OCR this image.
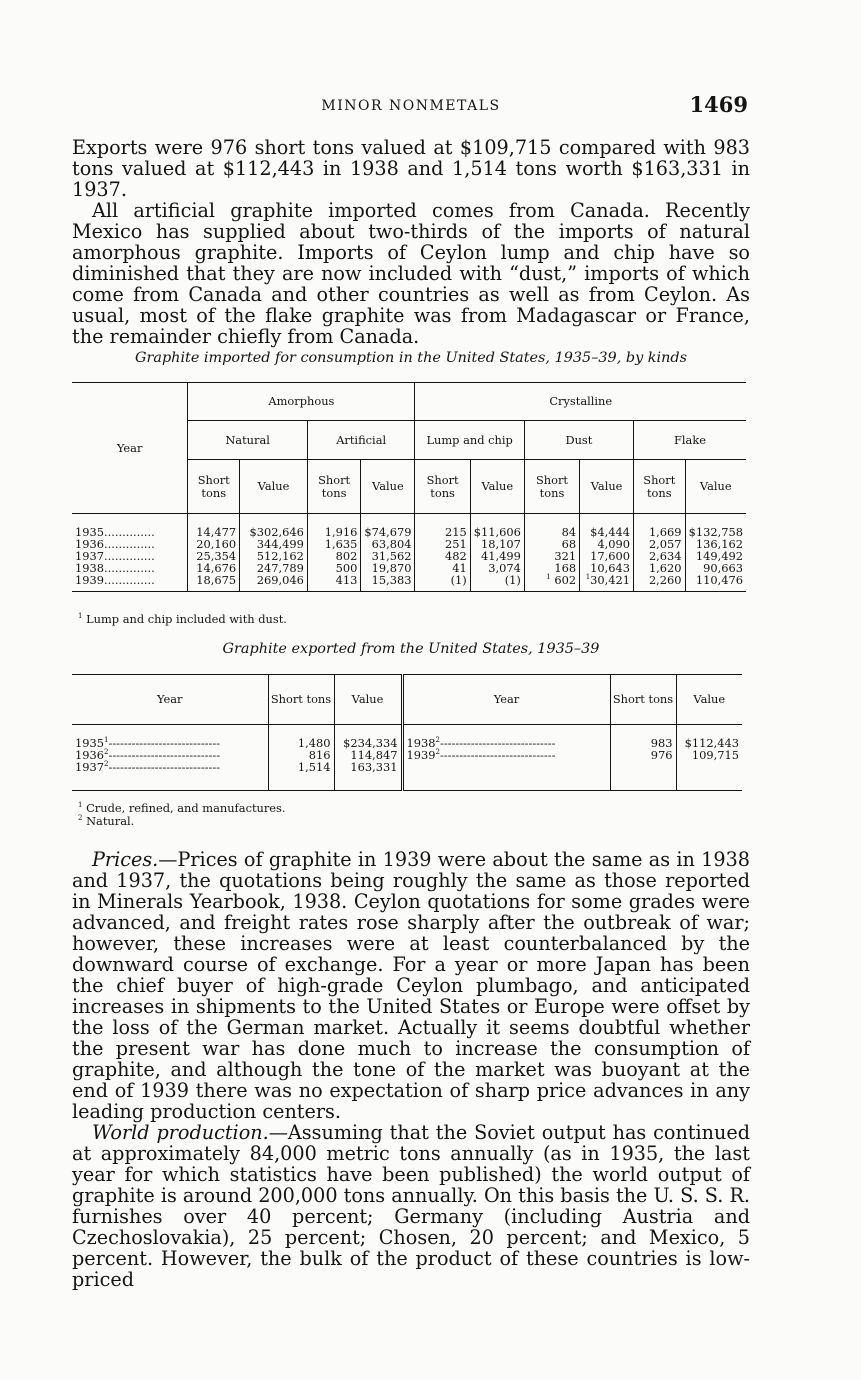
MINOR NONMETALS	1469

Exports were 976 short tons valued at $109,715 compared with 983 tons valued at $112,443 in 1938 and 1,514 tons worth $163,331 in 1937.

All artificial graphite imported comes from Canada. Recently Mexico has supplied about two-thirds of the imports of natural amorphous graphite. Imports of Ceylon lump and chip have so diminished that they are now included with “dust,” imports of which come from Canada and other countries as well as from Ceylon. As usual, most of the flake graphite was from Madagascar or France, the remainder chiefly from Canada.

Graphite imported for consumption in the United States, 1935–39, by kinds
Year	Amorphous				Crystalline					
	Natural		Artificial		Lump and chip		Dust		Flake	
	Short tons	Value	Short tons	Value	Short tons	Value	Short tons	Value	Short tons	Value

1935..............	14,477	$302,646	1,916	$74,679	215	$11,606	84	$4,444	1,669	$132,758
1936..............	20,160	344,499	1,635	63,804	251	18,107	68	4,090	2,057	136,162
1937..............	25,354	512,162	802	31,562	482	41,499	321	17,600	2,634	149,492
1938..............	14,676	247,789	500	19,870	41	3,074	168	10,643	1,620	90,663
1939..............	18,675	269,046	413	15,383	(1)	(1)	$^1$ 602	$^1$30,421	2,260	110,476

$^1$ Lump and chip included with dust.
Graphite exported from the United States, 1935–39
Year	Short tons	Value	Year	Short tons	Value

1935$^1$-----------------------------	1,480	$234,334	1938$^2$------------------------------	983	$112,443
1936$^2$-----------------------------	816	114,847	1939$^2$------------------------------	976	109,715
1937$^2$-----------------------------	1,514	163,331			

$^1$ Crude, refined, and manufactures.
$^2$ Natural.

Prices.—Prices of graphite in 1939 were about the same as in 1938 and 1937, the quotations being roughly the same as those reported in Minerals Yearbook, 1938. Ceylon quotations for some grades were advanced, and freight rates rose sharply after the outbreak of war; however, these increases were at least counterbalanced by the downward course of exchange. For a year or more Japan has been the chief buyer of high-grade Ceylon plumbago, and anticipated increases in shipments to the United States or Europe were offset by the loss of the German market. Actually it seems doubtful whether the present war has done much to increase the consumption of graphite, and although the tone of the market was buoyant at the end of 1939 there was no expectation of sharp price advances in any leading production centers.

World production.—Assuming that the Soviet output has continued at approximately 84,000 metric tons annually (as in 1935, the last year for which statistics have been published) the world output of graphite is around 200,000 tons annually. On this basis the U. S. S. R. furnishes over 40 percent; Germany (including Austria and Czechoslovakia), 25 percent; Chosen, 20 percent; and Mexico, 5 percent. However, the bulk of the product of these countries is low-priced
